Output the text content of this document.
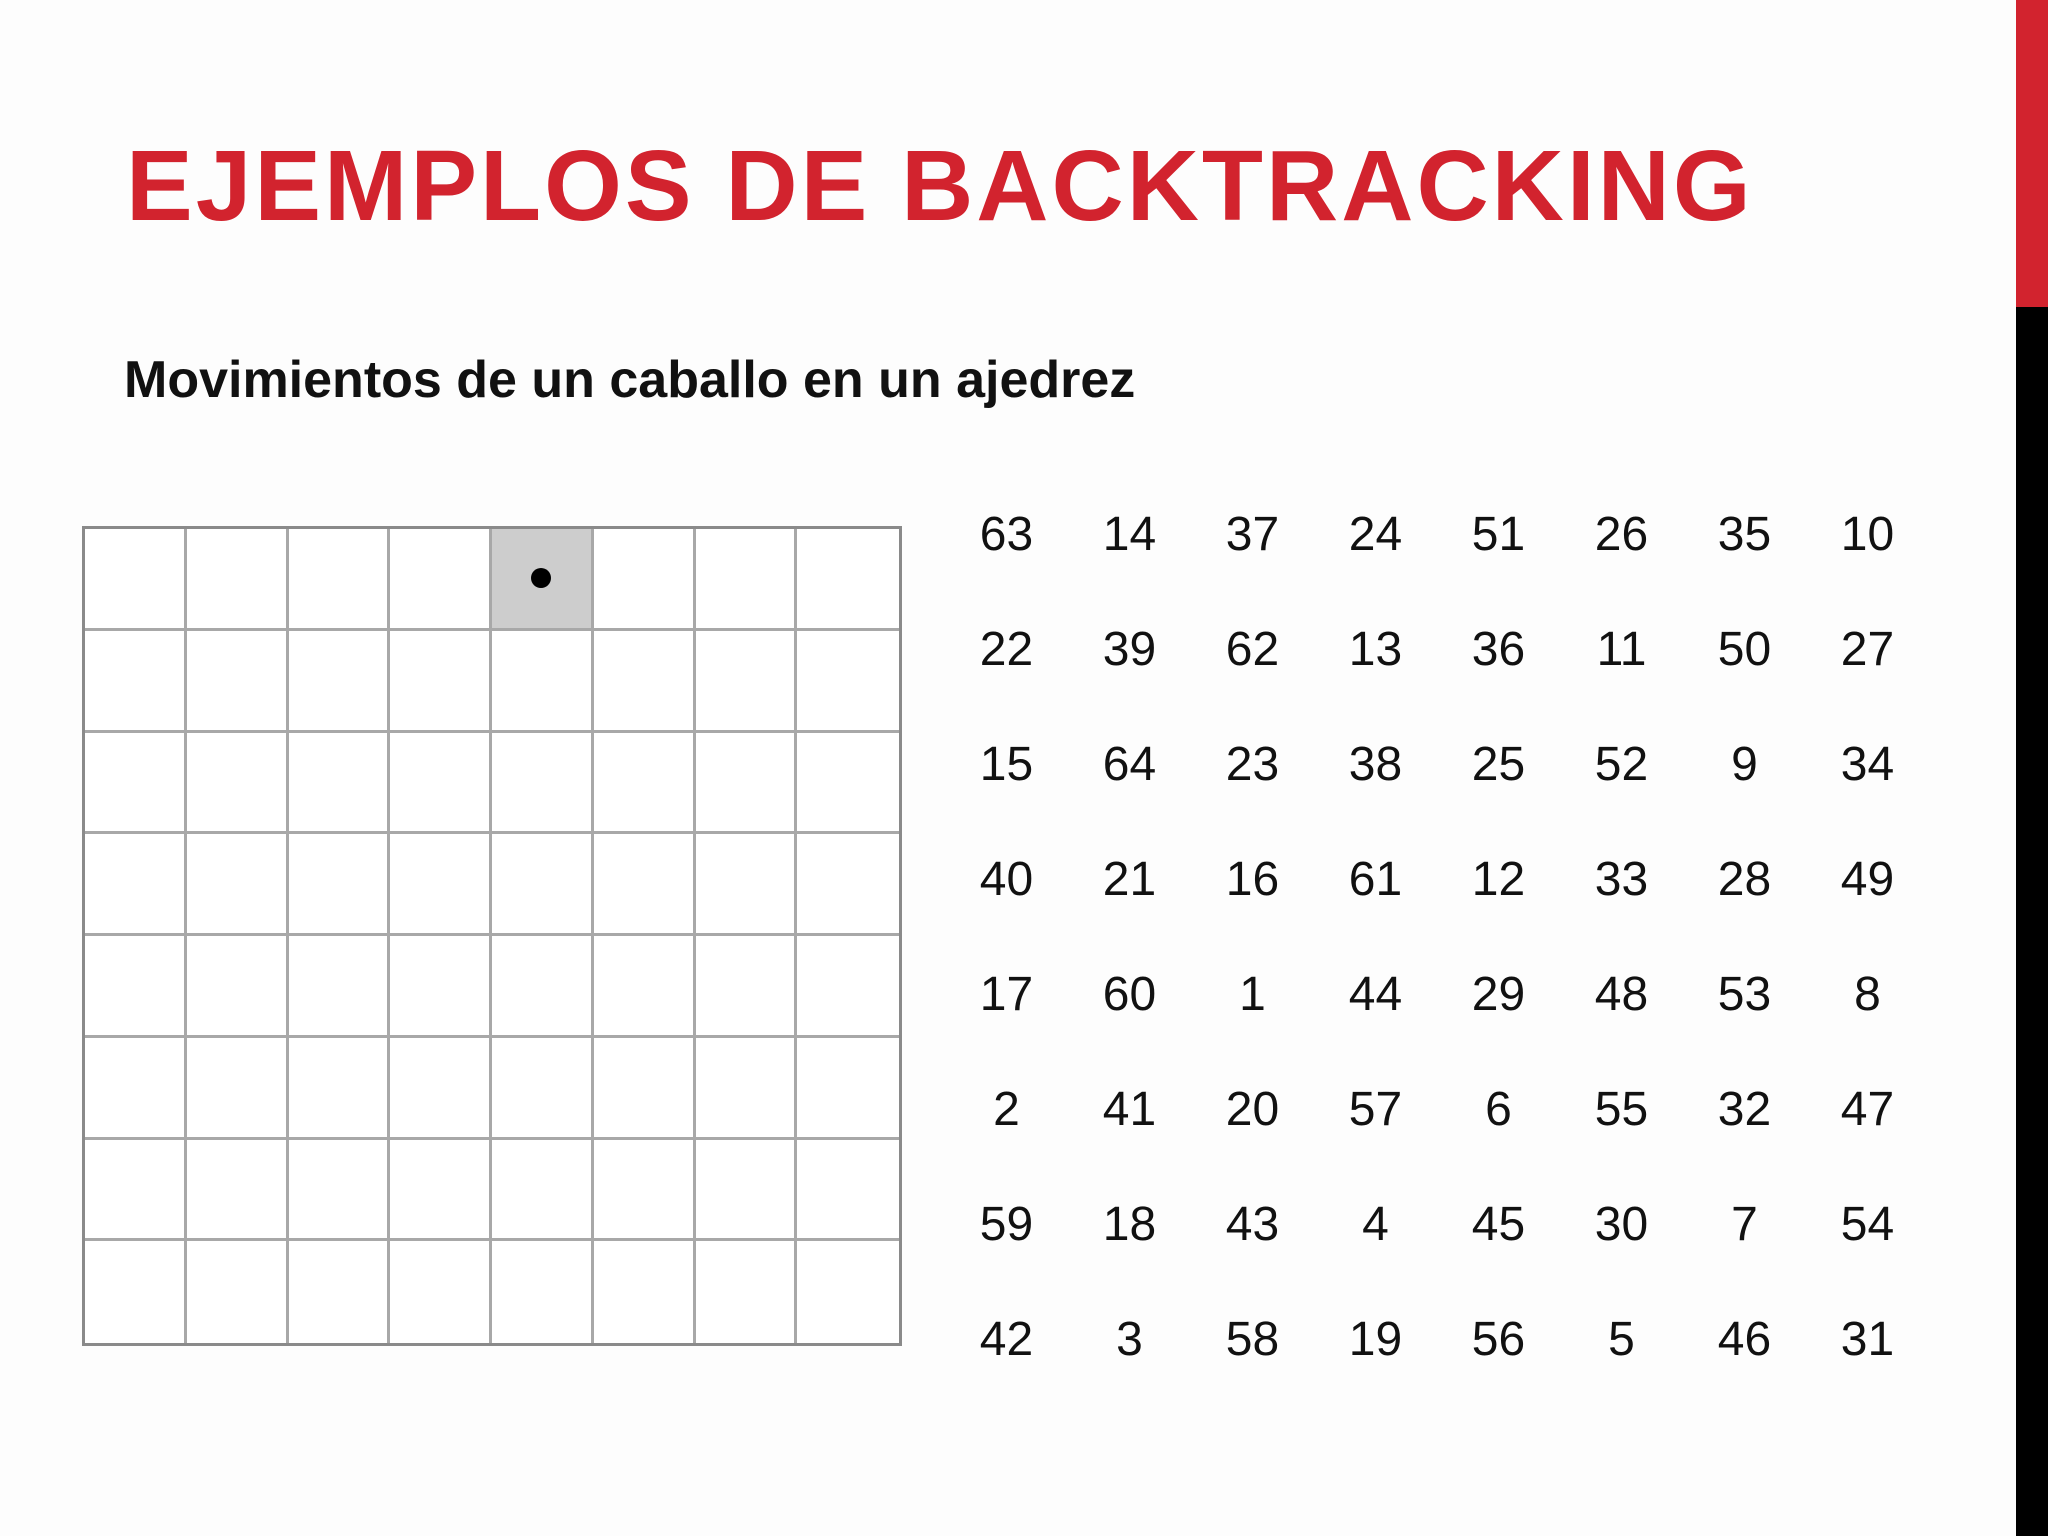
EJEMPLOS DE BACKTRACKING

Movimientos de un caballo en un ajedrez

63	14	37	24	51	26	35	10
22	39	62	13	36	11	50	27
15	64	23	38	25	52	9	34
40	21	16	61	12	33	28	49
17	60	1	44	29	48	53	8
2	41	20	57	6	55	32	47
59	18	43	4	45	30	7	54
42	3	58	19	56	5	46	31
